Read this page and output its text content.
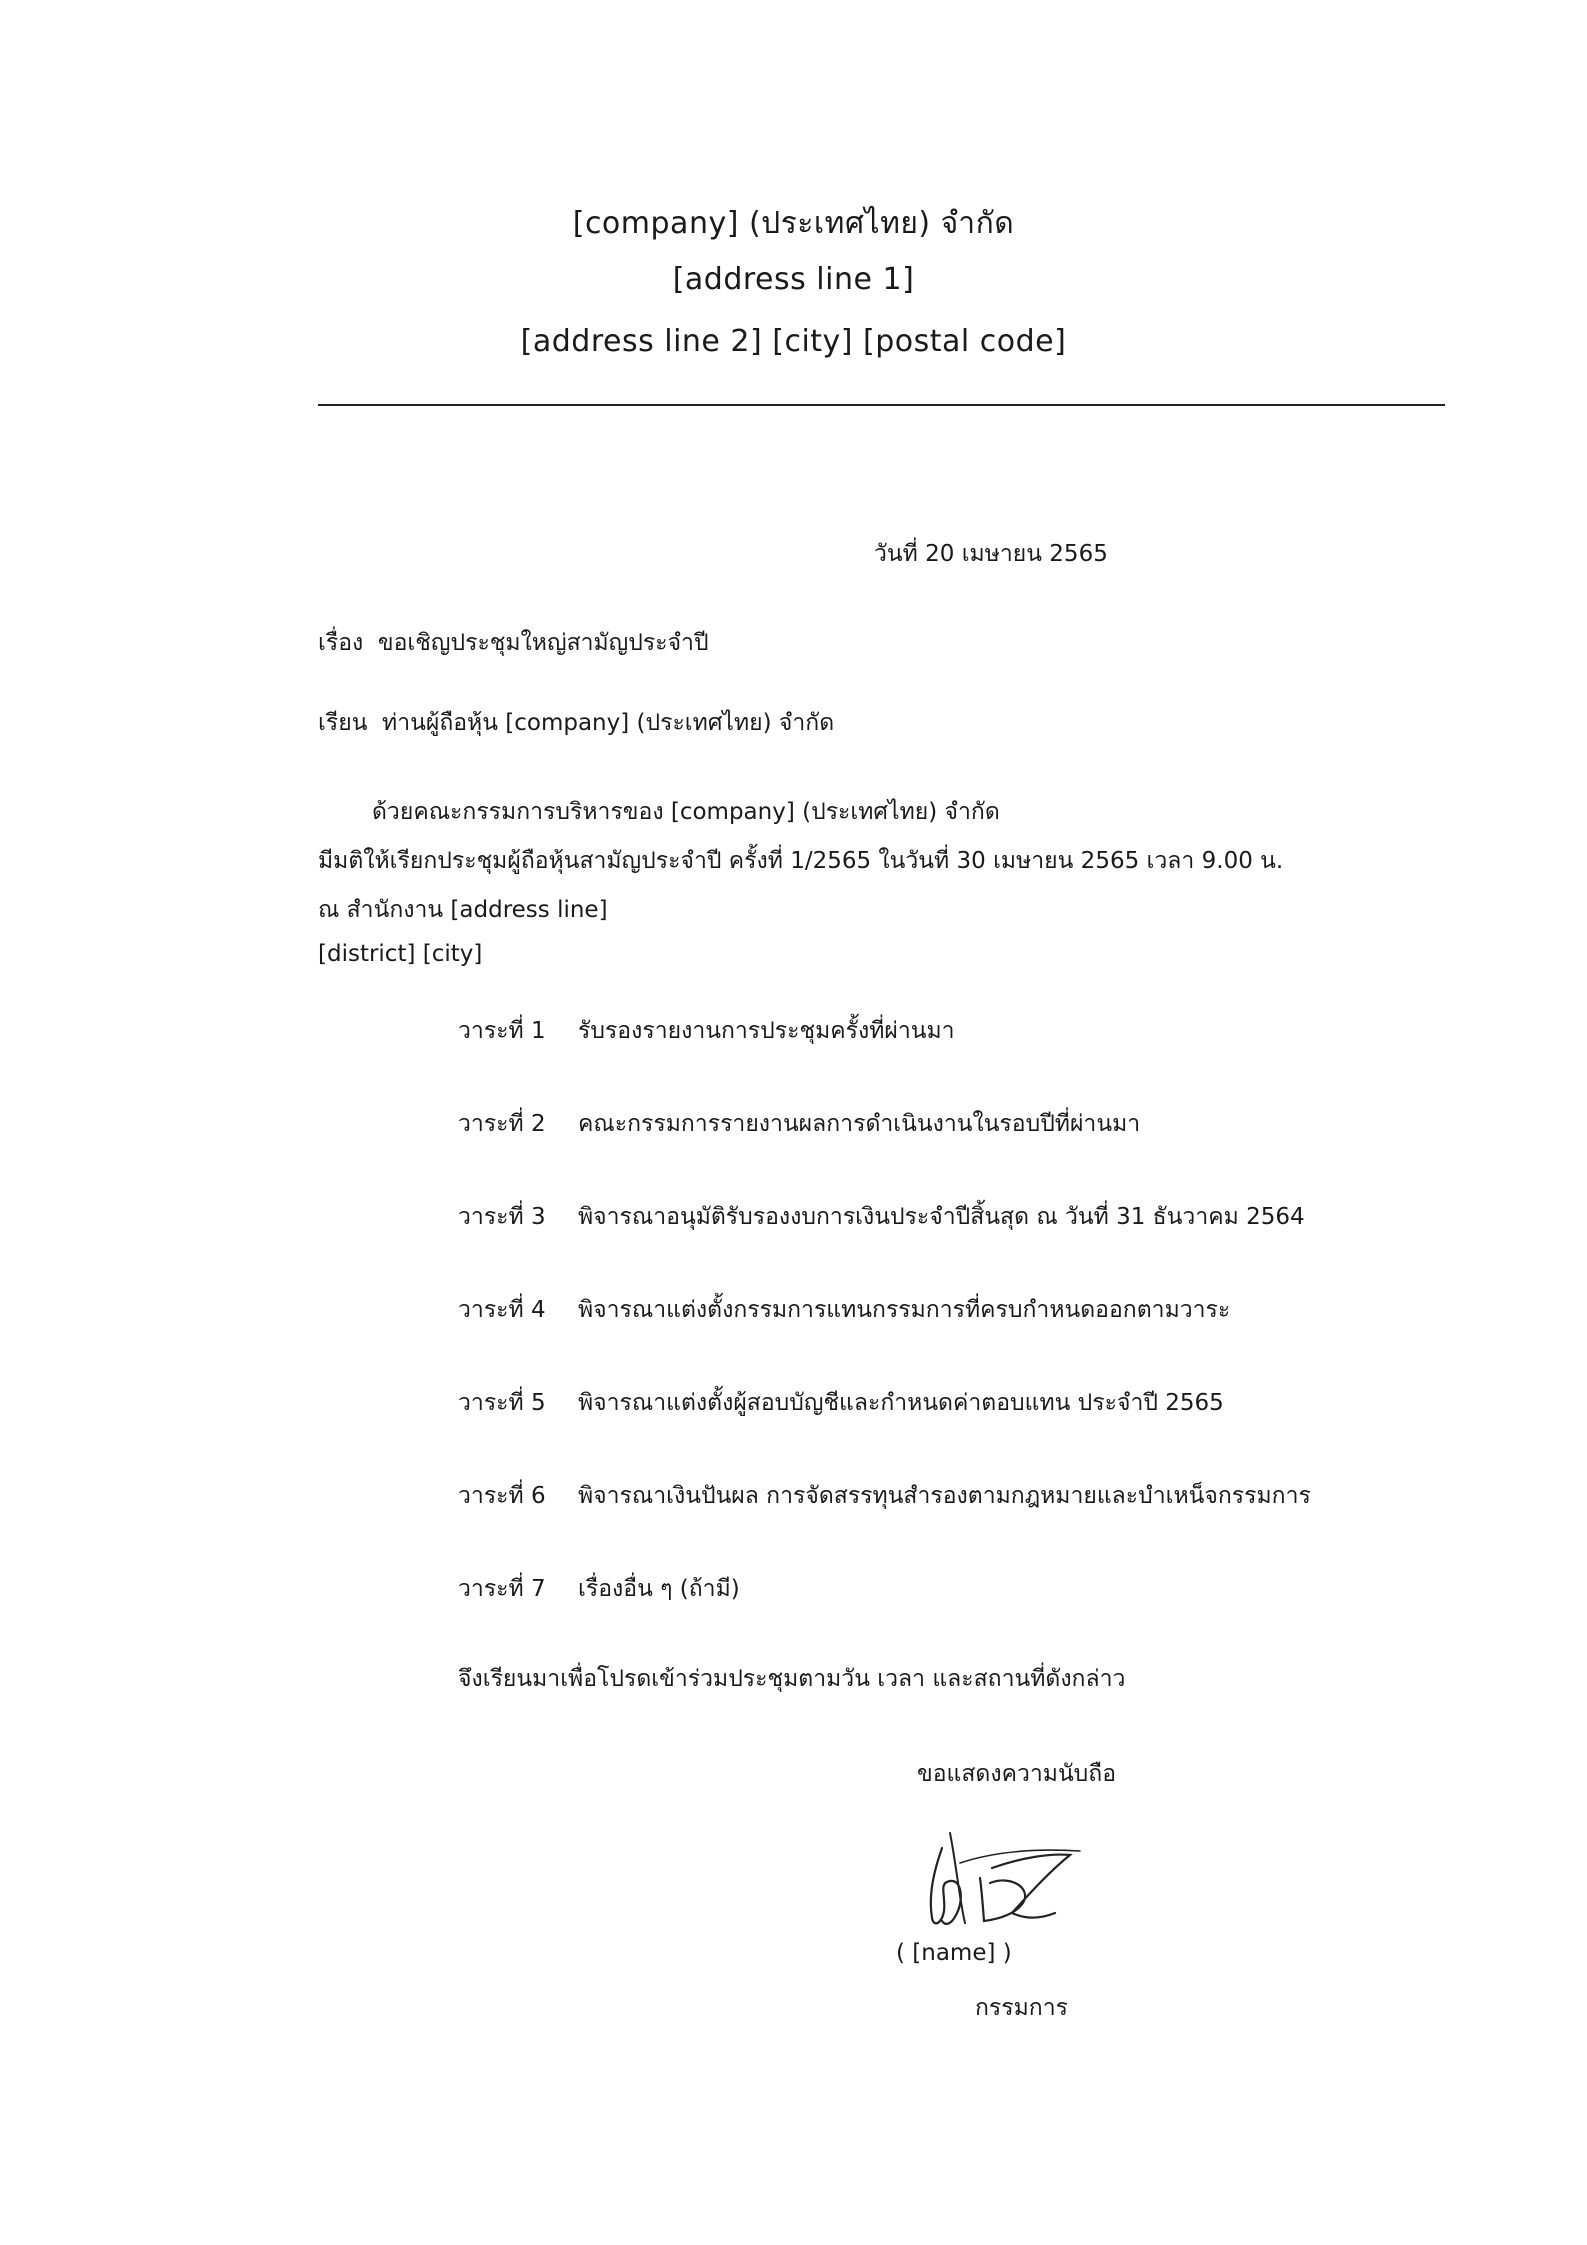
[company] (ประเทศไทย) จำกัด
[address line 1]
[address line 2] [city] [postal code]
วันที่ 20 เมษายน 2565
เรื่อง ขอเชิญประชุมใหญ่สามัญประจำปี
เรียน ท่านผู้ถือหุ้น [company] (ประเทศไทย) จำกัด
ด้วยคณะกรรมการบริหารของ [company] (ประเทศไทย) จำกัด
มีมติให้เรียกประชุมผู้ถือหุ้นสามัญประจำปี ครั้งที่ 1/2565 ในวันที่ 30 เมษายน 2565 เวลา 9.00 น.
ณ สำนักงาน [address line]
[district] [city]
วาระที่ 1 รับรองรายงานการประชุมครั้งที่ผ่านมา
วาระที่ 2 คณะกรรมการรายงานผลการดำเนินงานในรอบปีที่ผ่านมา
วาระที่ 3 พิจารณาอนุมัติรับรองงบการเงินประจำปีสิ้นสุด ณ วันที่ 31 ธันวาคม 2564
วาระที่ 4 พิจารณาแต่งตั้งกรรมการแทนกรรมการที่ครบกำหนดออกตามวาระ
วาระที่ 5 พิจารณาแต่งตั้งผู้สอบบัญชีและกำหนดค่าตอบแทน ประจำปี 2565
วาระที่ 6 พิจารณาเงินปันผล การจัดสรรทุนสำรองตามกฎหมายและบำเหน็จกรรมการ
วาระที่ 7 เรื่องอื่น ๆ (ถ้ามี)
จึงเรียนมาเพื่อโปรดเข้าร่วมประชุมตามวัน เวลา และสถานที่ดังกล่าว
ขอแสดงความนับถือ
( [name] )
กรรมการ
